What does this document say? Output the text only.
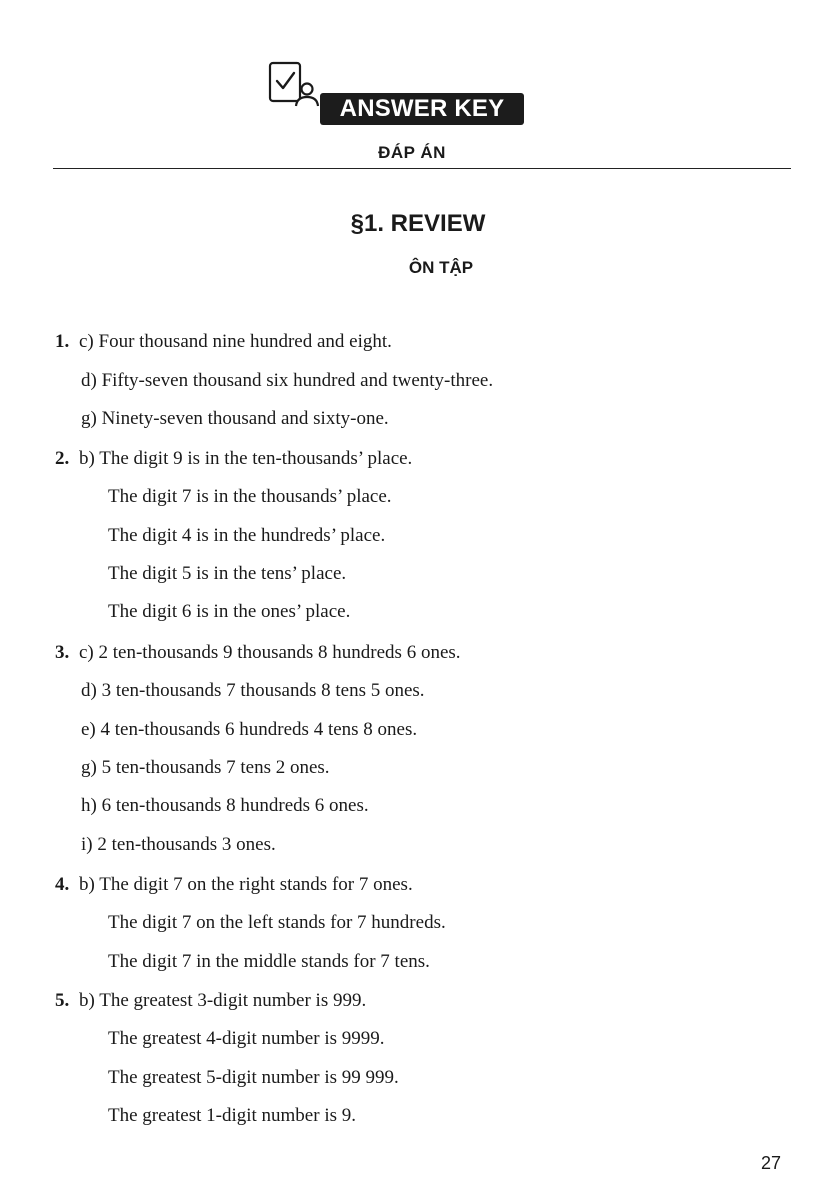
ANSWER KEY
ĐÁP ÁN
§1. REVIEW
ÔN TẬP
1. c) Four thousand nine hundred and eight.
d) Fifty-seven thousand six hundred and twenty-three.
g) Ninety-seven thousand and sixty-one.
2. b) The digit 9 is in the ten-thousands’ place.
The digit 7 is in the thousands’ place.
The digit 4 is in the hundreds’ place.
The digit 5 is in the tens’ place.
The digit 6 is in the ones’ place.
3. c) 2 ten-thousands 9 thousands 8 hundreds 6 ones.
d) 3 ten-thousands 7 thousands 8 tens 5 ones.
e) 4 ten-thousands 6 hundreds 4 tens 8 ones.
g) 5 ten-thousands 7 tens 2 ones.
h) 6 ten-thousands 8 hundreds 6 ones.
i) 2 ten-thousands 3 ones.
4. b) The digit 7 on the right stands for 7 ones.
The digit 7 on the left stands for 7 hundreds.
The digit 7 in the middle stands for 7 tens.
5. b) The greatest 3-digit number is 999.
The greatest 4-digit number is 9999.
The greatest 5-digit number is 99 999.
The greatest 1-digit number is 9.
27
